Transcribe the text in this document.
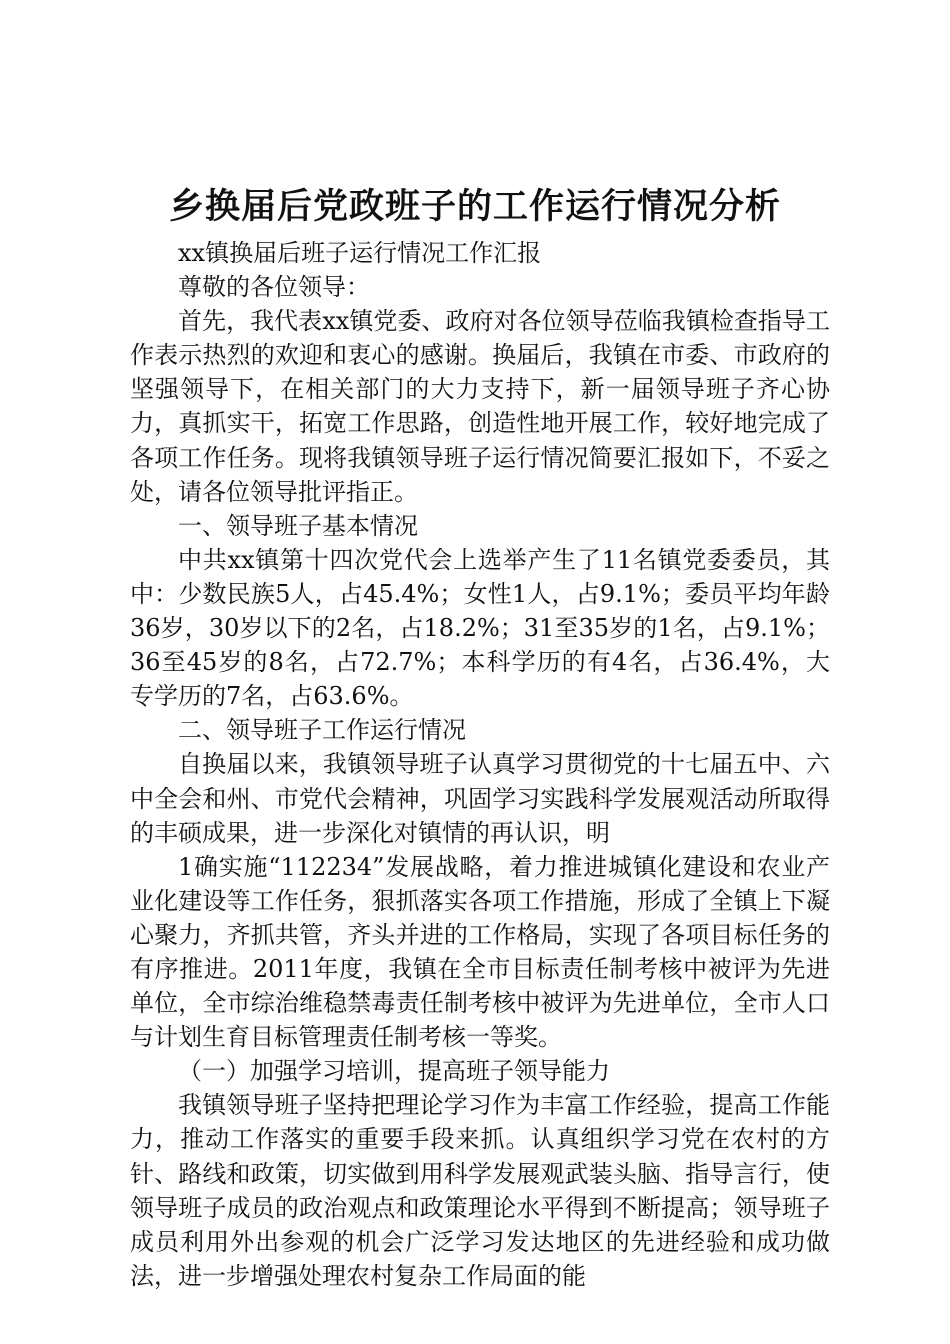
乡换届后党政班子的工作运行情况分析

xx镇换届后班子运行情况工作汇报

尊敬的各位领导：

首先，我代表xx镇党委、政府对各位领导莅临我镇检查指导工作表示热烈的欢迎和衷心的感谢。换届后，我镇在市委、市政府的坚强领导下，在相关部门的大力支持下，新一届领导班子齐心协力，真抓实干，拓宽工作思路，创造性地开展工作，较好地完成了各项工作任务。现将我镇领导班子运行情况简要汇报如下，不妥之处，请各位领导批评指正。

一、领导班子基本情况

中共xx镇第十四次党代会上选举产生了11名镇党委委员，其中：少数民族5人，占45.4%；女性1人，占9.1%；委员平均年龄36岁，30岁以下的2名，占18.2%；31至35岁的1名，占9.1%；36至45岁的8名，占72.7%；本科学历的有4名，占36.4%，大专学历的7名，占63.6%。

二、领导班子工作运行情况

自换届以来，我镇领导班子认真学习贯彻党的十七届五中、六中全会和州、市党代会精神，巩固学习实践科学发展观活动所取得的丰硕成果，进一步深化对镇情的再认识，明

1确实施“112234”发展战略，着力推进城镇化建设和农业产业化建设等工作任务，狠抓落实各项工作措施，形成了全镇上下凝心聚力，齐抓共管，齐头并进的工作格局，实现了各项目标任务的有序推进。2011年度，我镇在全市目标责任制考核中被评为先进单位，全市综治维稳禁毒责任制考核中被评为先进单位，全市人口与计划生育目标管理责任制考核一等奖。

（一）加强学习培训，提高班子领导能力

我镇领导班子坚持把理论学习作为丰富工作经验，提高工作能力，推动工作落实的重要手段来抓。认真组织学习党在农村的方针、路线和政策，切实做到用科学发展观武装头脑、指导言行，使领导班子成员的政治观点和政策理论水平得到不断提高；领导班子成员利用外出参观的机会广泛学习发达地区的先进经验和成功做法，进一步增强处理农村复杂工作局面的能
